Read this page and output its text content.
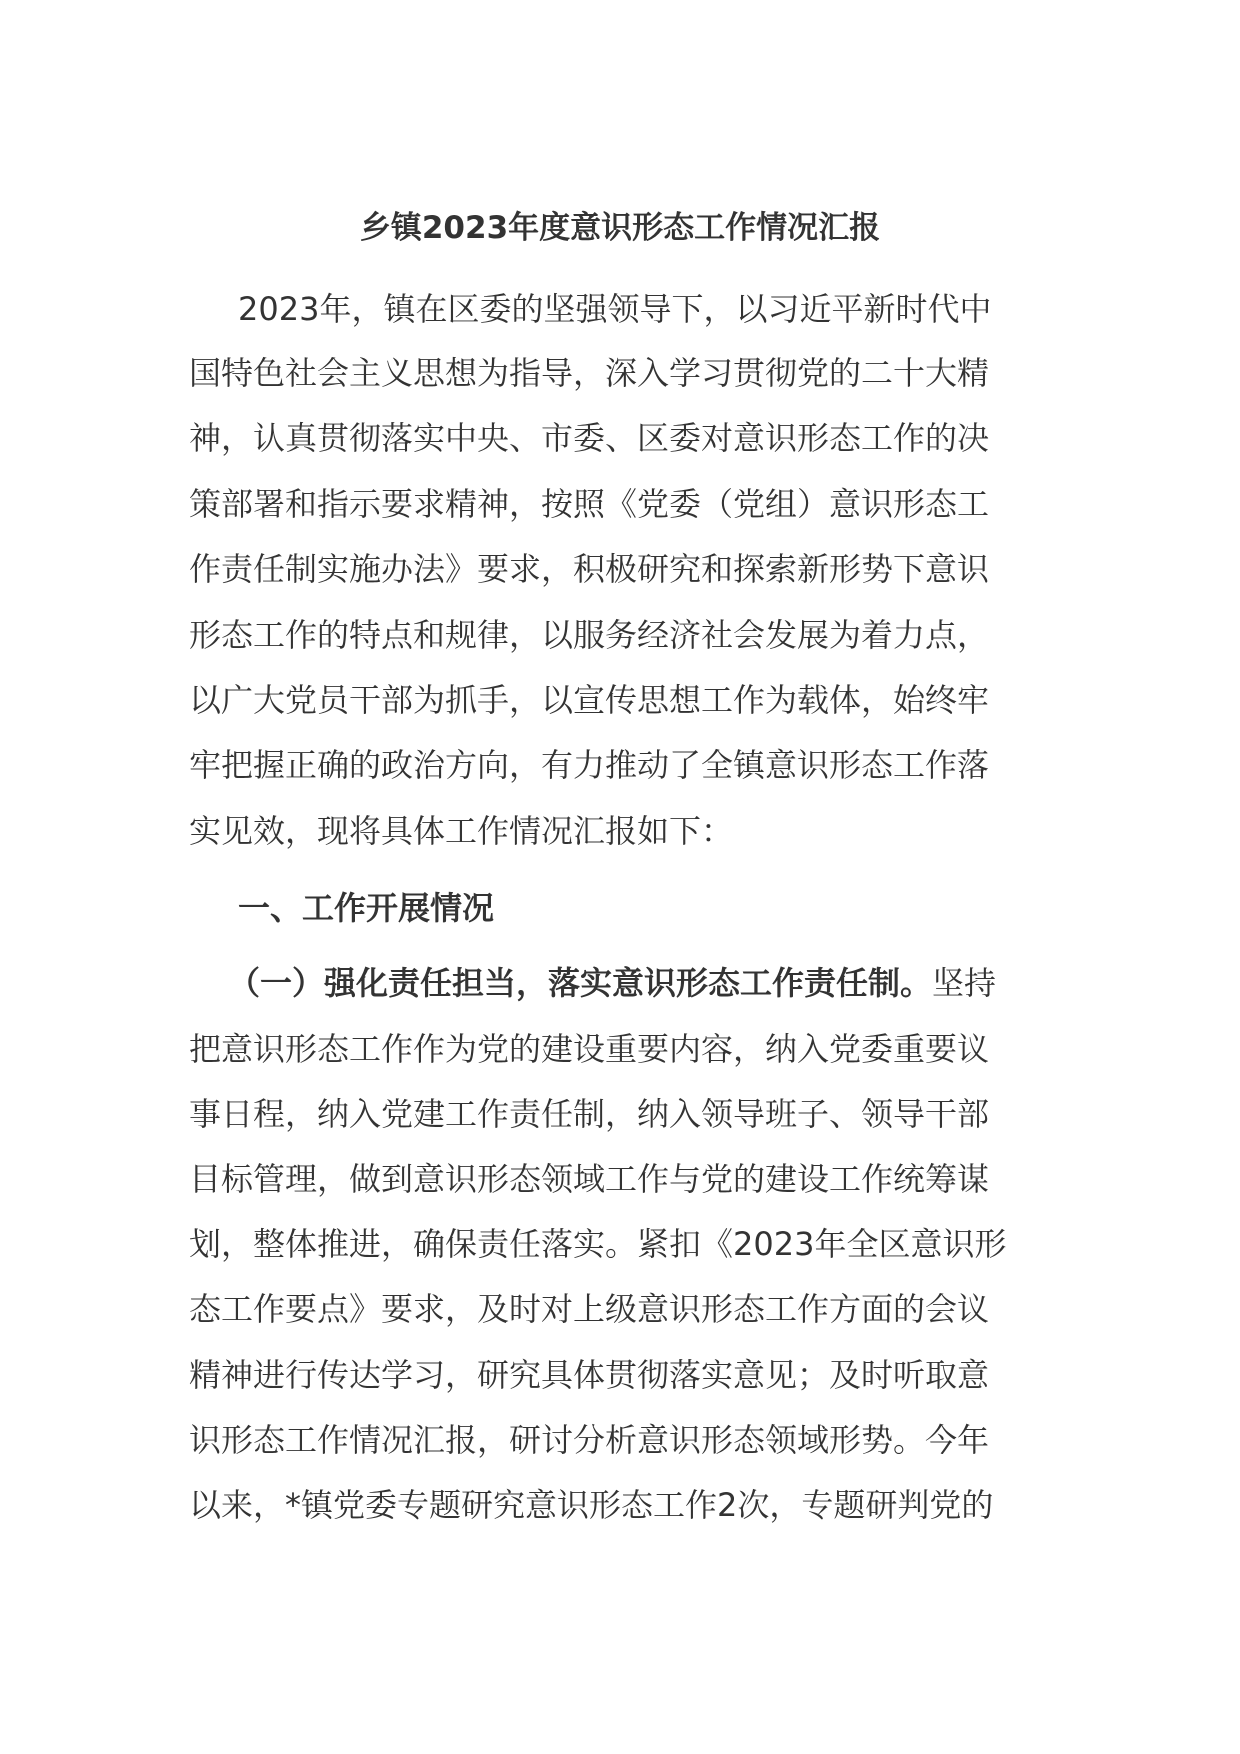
乡镇2023年度意识形态工作情况汇报
2023年，镇在区委的坚强领导下，以习近平新时代中
国特色社会主义思想为指导，深入学习贯彻党的二十大精
神，认真贯彻落实中央、市委、区委对意识形态工作的决
策部署和指示要求精神，按照《党委（党组）意识形态工
作责任制实施办法》要求，积极研究和探索新形势下意识
形态工作的特点和规律，以服务经济社会发展为着力点，
以广大党员干部为抓手，以宣传思想工作为载体，始终牢
牢把握正确的政治方向，有力推动了全镇意识形态工作落
实见效，现将具体工作情况汇报如下：
一、工作开展情况
（一）强化责任担当，落实意识形态工作责任制。坚持
把意识形态工作作为党的建设重要内容，纳入党委重要议
事日程，纳入党建工作责任制，纳入领导班子、领导干部
目标管理，做到意识形态领域工作与党的建设工作统筹谋
划，整体推进，确保责任落实。紧扣《2023年全区意识形
态工作要点》要求，及时对上级意识形态工作方面的会议
精神进行传达学习，研究具体贯彻落实意见；及时听取意
识形态工作情况汇报，研讨分析意识形态领域形势。今年
以来，*镇党委专题研究意识形态工作2次，专题研判党的
